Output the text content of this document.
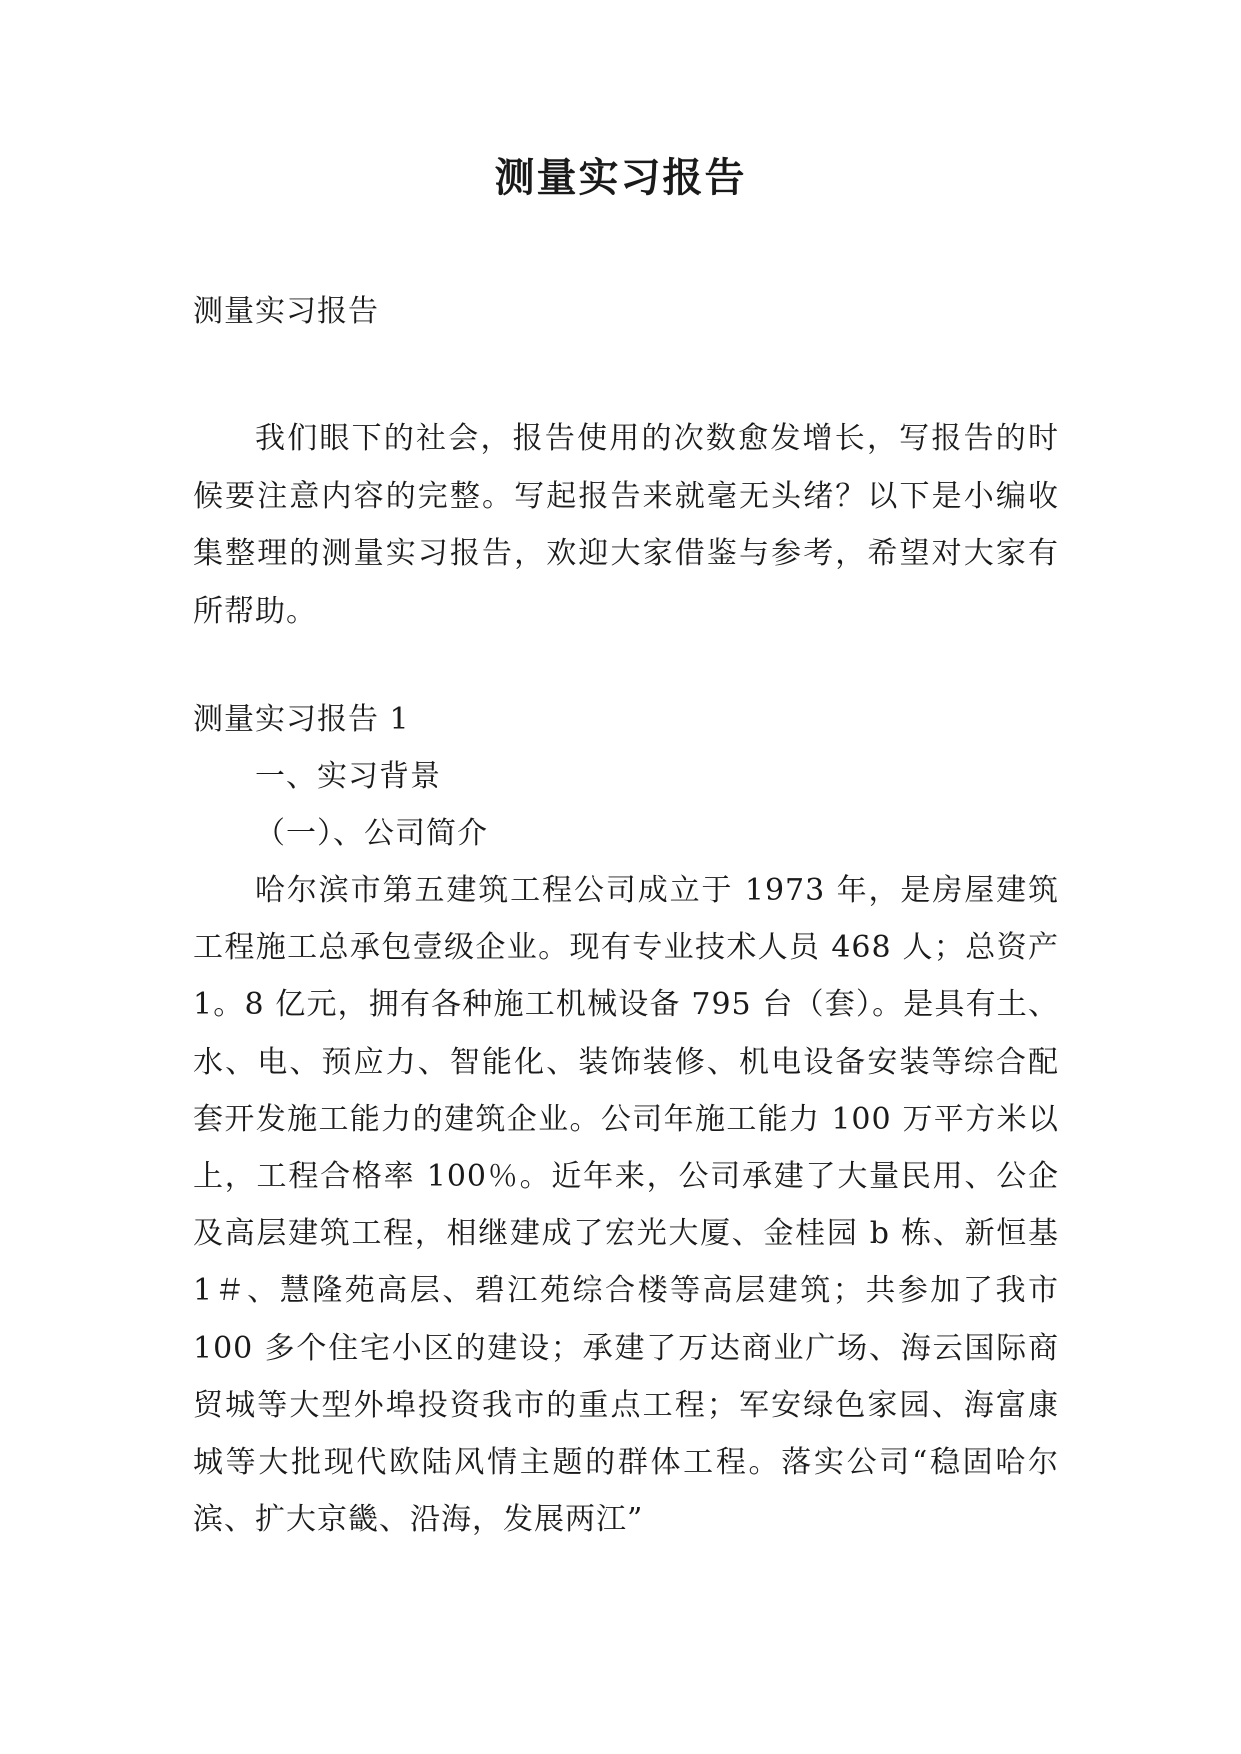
测量实习报告

测量实习报告

我们眼下的社会，报告使用的次数愈发增长，写报告的时候要注意内容的完整。写起报告来就毫无头绪？以下是小编收集整理的测量实习报告，欢迎大家借鉴与参考，希望对大家有所帮助。

测量实习报告 1

一、实习背景

（一）、公司简介

哈尔滨市第五建筑工程公司成立于 1973 年，是房屋建筑工程施工总承包壹级企业。现有专业技术人员 468 人；总资产 1。8 亿元，拥有各种施工机械设备 795 台（套）。是具有土、水、电、预应力、智能化、装饰装修、机电设备安装等综合配套开发施工能力的建筑企业。公司年施工能力 100 万平方米以上，工程合格率 100％。近年来，公司承建了大量民用、公企及高层建筑工程，相继建成了宏光大厦、金桂园 b 栋、新恒基 1＃、慧隆苑高层、碧江苑综合楼等高层建筑；共参加了我市 100 多个住宅小区的建设；承建了万达商业广场、海云国际商贸城等大型外埠投资我市的重点工程；军安绿色家园、海富康城等大批现代欧陆风情主题的群体工程。落实公司“稳固哈尔滨、扩大京畿、沿海，发展两江”
